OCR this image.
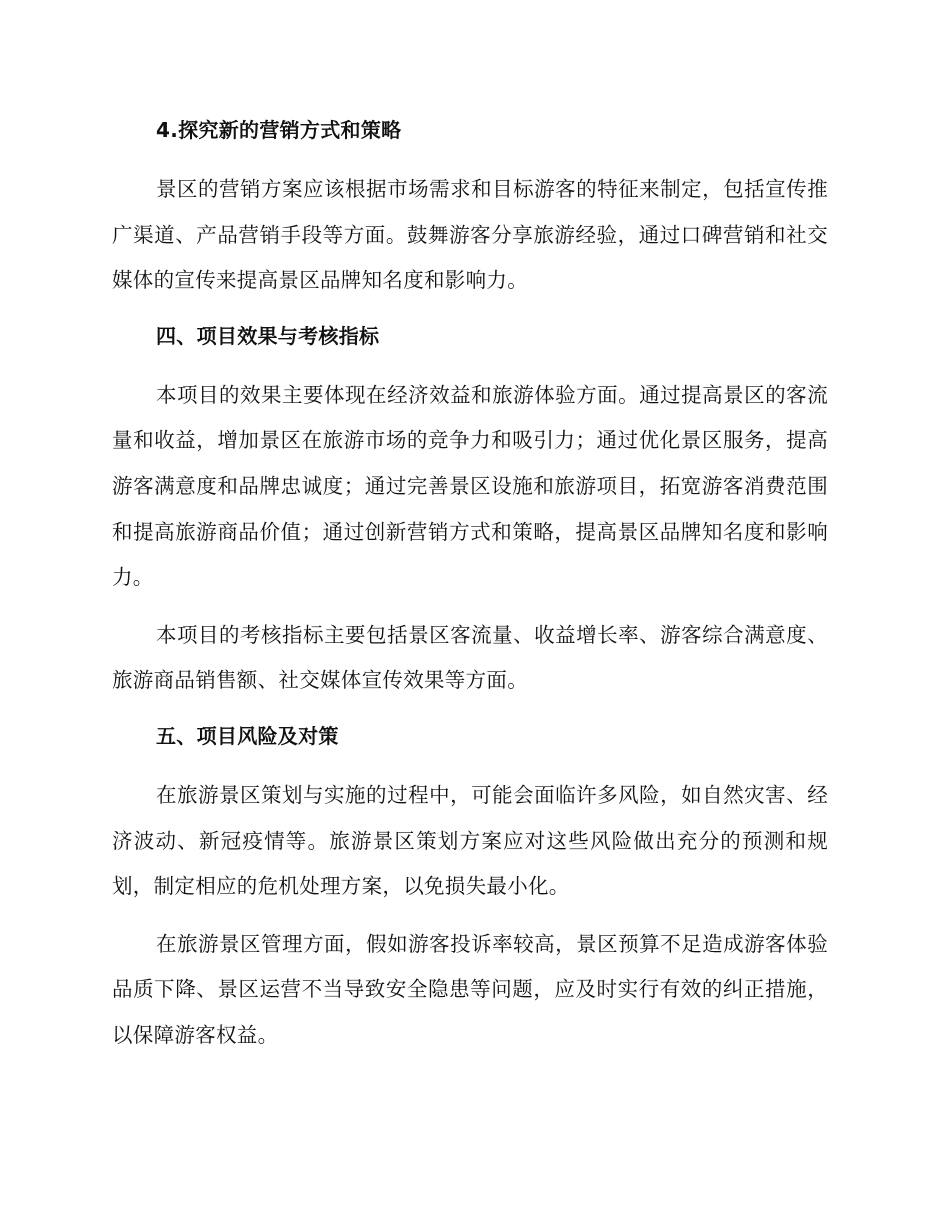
4.探究新的营销方式和策略

景区的营销方案应该根据市场需求和目标游客的特征来制定，包括宣传推广渠道、产品营销手段等方面。鼓舞游客分享旅游经验，通过口碑营销和社交媒体的宣传来提高景区品牌知名度和影响力。

四、项目效果与考核指标

本项目的效果主要体现在经济效益和旅游体验方面。通过提高景区的客流量和收益，增加景区在旅游市场的竞争力和吸引力；通过优化景区服务，提高游客满意度和品牌忠诚度；通过完善景区设施和旅游项目，拓宽游客消费范围和提高旅游商品价值；通过创新营销方式和策略，提高景区品牌知名度和影响力。

本项目的考核指标主要包括景区客流量、收益增长率、游客综合满意度、旅游商品销售额、社交媒体宣传效果等方面。

五、项目风险及对策

在旅游景区策划与实施的过程中，可能会面临许多风险，如自然灾害、经济波动、新冠疫情等。旅游景区策划方案应对这些风险做出充分的预测和规划，制定相应的危机处理方案，以免损失最小化。

在旅游景区管理方面，假如游客投诉率较高，景区预算不足造成游客体验品质下降、景区运营不当导致安全隐患等问题，应及时实行有效的纠正措施，以保障游客权益。
